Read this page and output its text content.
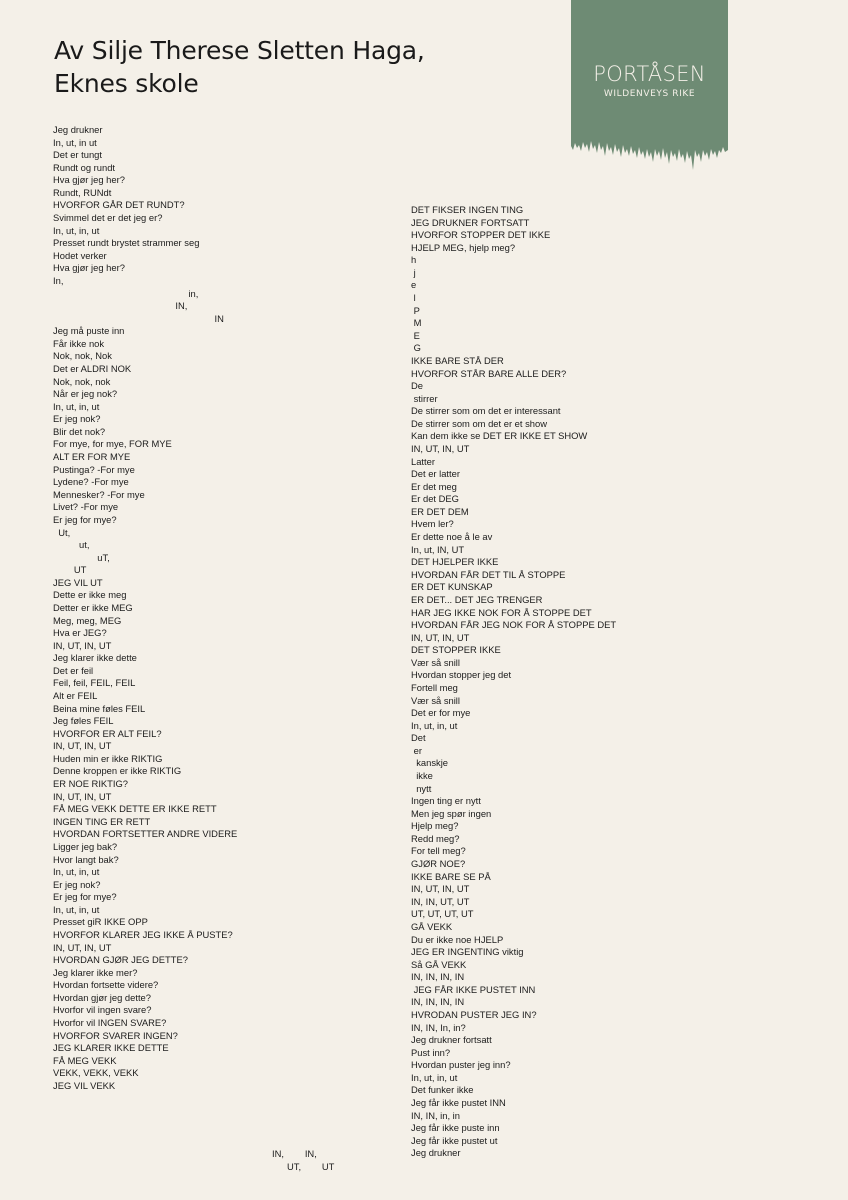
Av Silje Therese Sletten Haga,
Eknes skole	PORTÅSEN
WILDENVEYS RIKE
Jeg drukner
In, ut, in ut
Det er tungt
Rundt og rundt
Hva gjør jeg her?
Rundt, RUNdt
HVORFOR GÅR DET RUNDT?
Svimmel det er det jeg er?
In, ut, in, ut
Presset rundt brystet strammer seg
Hodet verker
Hva gjør jeg her?
In,
in,
IN,
IN
Jeg må puste inn
Får ikke nok
Nok, nok, Nok
Det er ALDRI NOK
Nok, nok, nok
Når er jeg nok?
In, ut, in, ut
Er jeg nok?
Blir det nok?
For mye, for mye, FOR MYE
ALT ER FOR MYE
Pustinga? -For mye
Lydene? -For mye
Mennesker? -For mye
Livet? -For mye
Er jeg for mye?
Ut,
ut,
uT,
UT
JEG VIL UT
Dette er ikke meg
Detter er ikke MEG
Meg, meg, MEG
Hva er JEG?
IN, UT, IN, UT
Jeg klarer ikke dette
Det er feil
Feil, feil, FEIL, FEIL
Alt er FEIL
Beina mine føles FEIL
Jeg føles FEIL
HVORFOR ER ALT FEIL?
IN, UT, IN, UT
Huden min er ikke RIKTIG
Denne kroppen er ikke RIKTIG
ER NOE RIKTIG?
IN, UT, IN, UT
FÅ MEG VEKK DETTE ER IKKE RETT
INGEN TING ER RETT
HVORDAN FORTSETTER ANDRE VIDERE
Ligger jeg bak?
Hvor langt bak?
In, ut, in, ut
Er jeg nok?
Er jeg for mye?
In, ut, in, ut
Presset giR IKKE OPP
HVORFOR KLARER JEG IKKE Å PUSTE?
IN, UT, IN, UT
HVORDAN GJØR JEG DETTE?
Jeg klarer ikke mer?
Hvordan fortsette videre?
Hvordan gjør jeg dette?
Hvorfor vil ingen svare?
Hvorfor vil INGEN SVARE?
HVORFOR SVARER INGEN?
JEG KLARER IKKE DETTE
FÅ MEG VEKK
VEKK, VEKK, VEKK
JEG VIL VEKK
DET FIKSER INGEN TING
JEG DRUKNER FORTSATT
HVORFOR STOPPER DET IKKE
HJELP MEG, hjelp meg?
h
j
e
l
P
M
E
G
IKKE BARE STÅ DER
HVORFOR STÅR BARE ALLE DER?
De
stirrer
De stirrer som om det er interessant
De stirrer som om det er et show
Kan dem ikke se DET ER IKKE ET SHOW
IN, UT, IN, UT
Latter
Det er latter
Er det meg
Er det DEG
ER DET DEM
Hvem ler?
Er dette noe å le av
In, ut, IN, UT
DET HJELPER IKKE
HVORDAN FÅR DET TIL Å STOPPE
ER DET KUNSKAP
ER DET... DET JEG TRENGER
HAR JEG IKKE NOK FOR Å STOPPE DET
HVORDAN FÅR JEG NOK FOR Å STOPPE DET
IN, UT, IN, UT
DET STOPPER IKKE
Vær så snill
Hvordan stopper jeg det
Fortell meg
Vær så snill
Det er for mye
In, ut, in, ut
Det
er
kanskje
ikke
nytt
Ingen ting er nytt
Men jeg spør ingen
Hjelp meg?
Redd meg?
For tell meg?
GJØR NOE?
IKKE BARE SE PÅ
IN, UT, IN, UT
IN, IN, UT, UT
UT, UT, UT, UT
GÅ VEKK
Du er ikke noe HJELP
JEG ER INGENTING viktig
Så GÅ VEKK
IN, IN, IN, IN
JEG FÅR IKKE PUSTET INN
IN, IN, IN, IN
HVRODAN PUSTER JEG IN?
IN, IN, In, in?
Jeg drukner fortsatt
Pust inn?
Hvordan puster jeg inn?
In, ut, in, ut
Det funker ikke
Jeg får ikke pustet INN
IN, IN, in, in
Jeg får ikke puste inn
Jeg får ikke pustet ut
Jeg drukner
IN,        IN,
UT,        UT
